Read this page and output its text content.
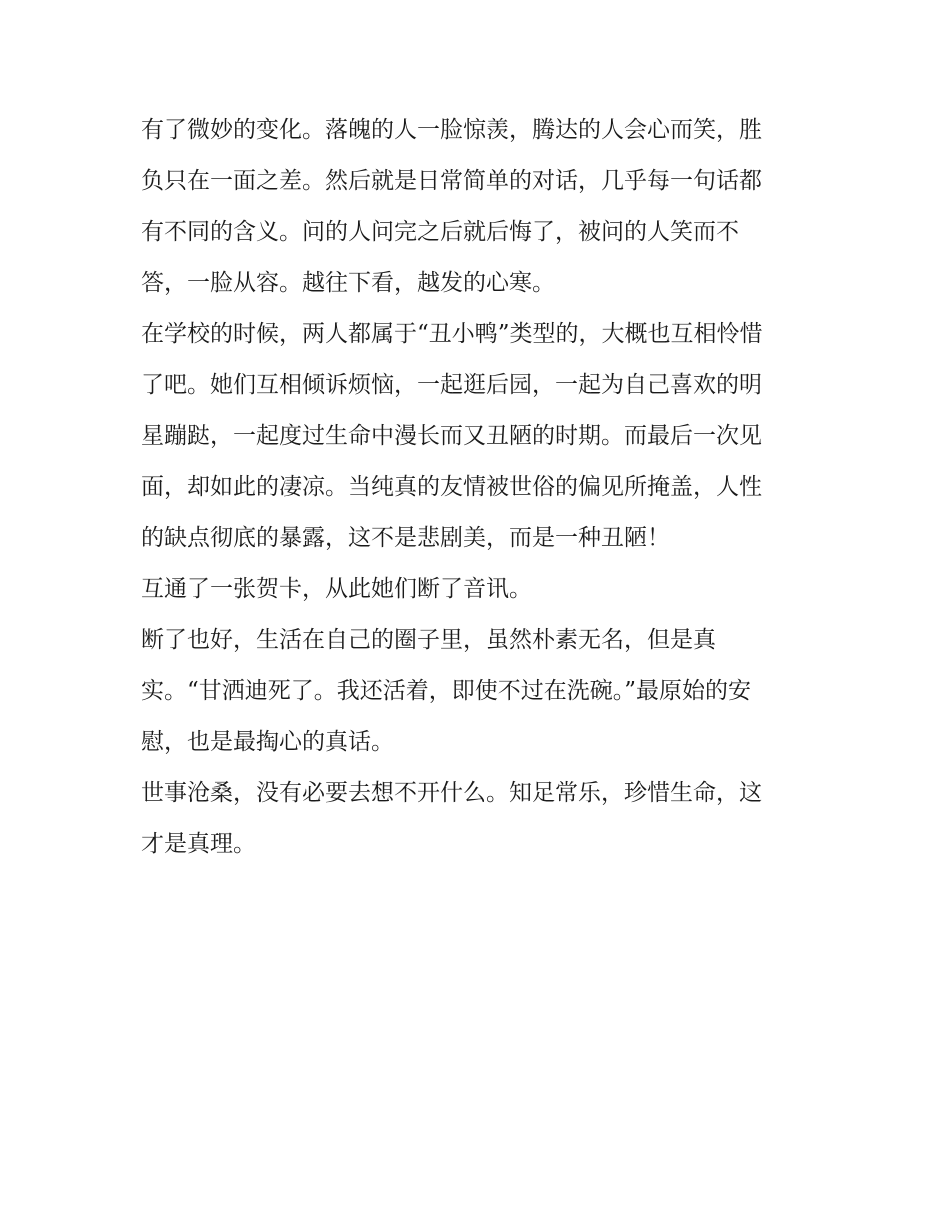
有了微妙的变化。落魄的人一脸惊羡，腾达的人会心而笑，胜
负只在一面之差。然后就是日常简单的对话，几乎每一句话都
有不同的含义。问的人问完之后就后悔了，被问的人笑而不
答，一脸从容。越往下看，越发的心寒。
在学校的时候，两人都属于“丑小鸭”类型的，大概也互相怜惜
了吧。她们互相倾诉烦恼，一起逛后园，一起为自己喜欢的明
星蹦跶，一起度过生命中漫长而又丑陋的时期。而最后一次见
面，却如此的凄凉。当纯真的友情被世俗的偏见所掩盖，人性
的缺点彻底的暴露，这不是悲剧美，而是一种丑陋！
互通了一张贺卡，从此她们断了音讯。
断了也好，生活在自己的圈子里，虽然朴素无名，但是真
实。“甘洒迪死了。我还活着，即使不过在洗碗。”最原始的安
慰，也是最掏心的真话。
世事沧桑，没有必要去想不开什么。知足常乐，珍惜生命，这
才是真理。
